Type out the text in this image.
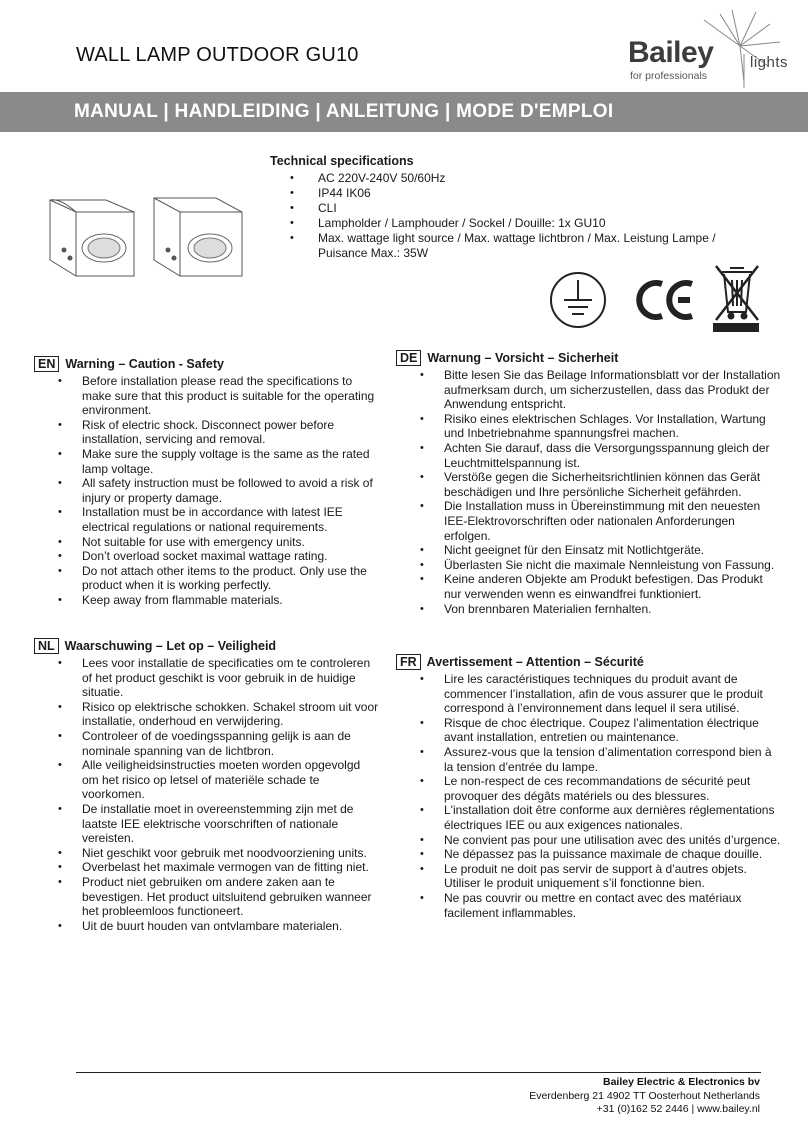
WALL LAMP OUTDOOR GU10	Bailey
for professionals
lights
MANUAL | HANDLEIDING | ANLEITUNG | MODE D'EMPLOI
Technical specifications
• AC 220V-240V 50/60Hz
• IP44 IK06
• CLI
• Lampholder / Lamphouder / Sockel / Douille: 1x GU10
• Max. wattage light source / Max. wattage lichtbron / Max. Leistung Lampe / Puisance Max.: 35W
EN Warning – Caution - Safety
• Before installation please read the specifications to make sure that this product is suitable for the operating environment.
• Risk of electric shock. Disconnect power before installation, servicing and removal.
• Make sure the supply voltage is the same as the rated lamp voltage.
• All safety instruction must be followed to avoid a risk of injury or property damage.
• Installation must be in accordance with latest IEE electrical regulations or national requirements.
• Not suitable for use with emergency units.
• Don’t overload socket maximal wattage rating.
• Do not attach other items to the product. Only use the product when it is working perfectly.
• Keep away from flammable materials.
DE Warnung – Vorsicht – Sicherheit
• Bitte lesen Sie das Beilage Informationsblatt vor der Installation aufmerksam durch, um sicherzustellen, dass das Produkt der Anwendung entspricht.
• Risiko eines elektrischen Schlages. Vor Installation, Wartung und Inbetriebnahme spannungsfrei machen.
• Achten Sie darauf, dass die Versorgungsspannung gleich der Leuchtmittelspannung ist.
• Verstöße gegen die Sicherheitsrichtlinien können das Gerät beschädigen und Ihre persönliche Sicherheit gefährden.
• Die Installation muss in Übereinstimmung mit den neuesten IEE-Elektrovorschriften oder nationalen Anforderungen erfolgen.
• Nicht geeignet für den Einsatz mit Notlichtgeräte.
• Überlasten Sie nicht die maximale Nennleistung von Fassung.
• Keine anderen Objekte am Produkt befestigen. Das Produkt nur verwenden wenn es einwandfrei funktioniert.
• Von brennbaren Materialien fernhalten.
NL Waarschuwing – Let op – Veiligheid
• Lees voor installatie de specificaties om te controleren of het product geschikt is voor gebruik in de huidige situatie.
• Risico op elektrische schokken. Schakel stroom uit voor installatie, onderhoud en verwijdering.
• Controleer of de voedingsspanning gelijk is aan de nominale spanning van de lichtbron.
• Alle veiligheidsinstructies moeten worden opgevolgd om het risico op letsel of materiële schade te voorkomen.
• De installatie moet in overeenstemming zijn met de laatste IEE elektrische voorschriften of nationale vereisten.
• Niet geschikt voor gebruik met noodvoorziening units.
• Overbelast het maximale vermogen van de fitting niet.
• Product niet gebruiken om andere zaken aan te bevestigen. Het product uitsluitend gebruiken wanneer het probleemloos functioneert.
• Uit de buurt houden van ontvlambare materialen.
FR Avertissement – Attention – Sécurité
• Lire les caractéristiques techniques du produit avant de commencer l’installation, afin de vous assurer que le produit correspond à l’environnement dans lequel il sera utilisé.
• Risque de choc électrique. Coupez l’alimentation électrique avant installation, entretien ou maintenance.
• Assurez-vous que la tension d’alimentation correspond bien à la tension d’entrée du lampe.
• Le non-respect de ces recommandations de sécurité peut provoquer des dégâts matériels ou des blessures.
• L'installation doit être conforme aux dernières réglementations électriques IEE ou aux exigences nationales.
• Ne convient pas pour une utilisation avec des unités d’urgence.
• Ne dépassez pas la puissance maximale de chaque douille.
• Le produit ne doit pas servir de support à d’autres objets. Utiliser le produit uniquement s’il fonctionne bien.
• Ne pas couvrir ou mettre en contact avec des matériaux facilement inflammables.
Bailey Electric & Electronics bv
Everdenberg 21 4902 TT Oosterhout Netherlands
+31 (0)162 52 2446 | www.bailey.nl
